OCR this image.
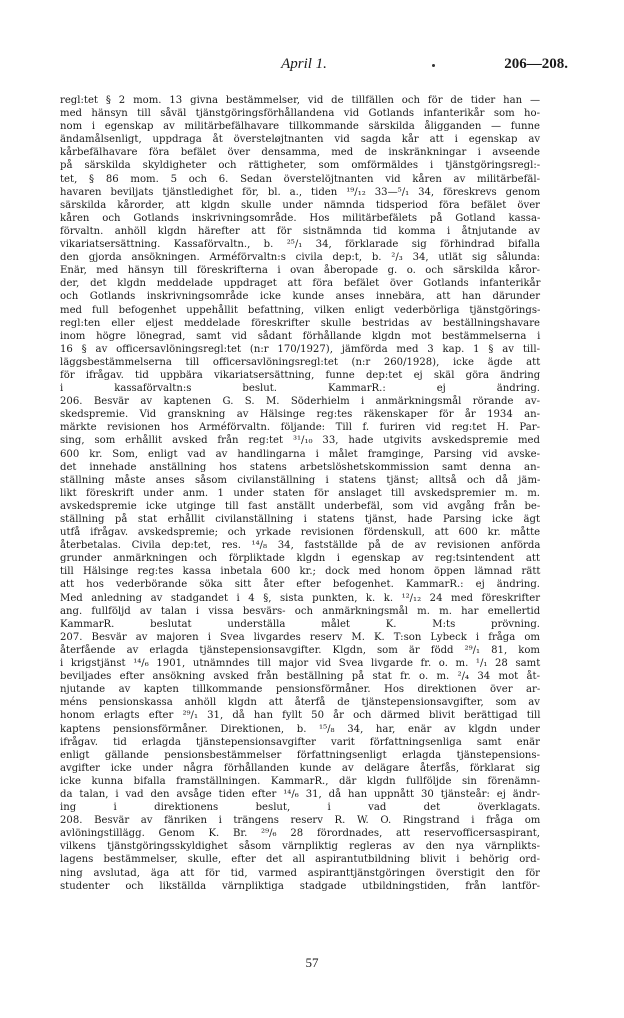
April 1.	206—208.
regl:tet § 2 mom. 13 givna bestämmelser, vid de tillfällen och för de tider han —
med hänsyn till såväl tjänstgöringsförhållandena vid Gotlands infanterikår som ho-
nom i egenskap av militärbefälhavare tillkommande särskilda åligganden — funne
ändamålsenligt, uppdraga åt översteløjtnanten vid sagda kår att i egenskap av
kårbefälhavare föra befälet över densamma, med de inskränkningar i avseende
på särskilda skyldigheter och rättigheter, som omförmäldes i tjänstgöringsregl:-
tet, § 86 mom. 5 och 6. Sedan överstelöjtnanten vid kåren av militärbefäl-
havaren beviljats tjänstledighet för, bl. a., tiden ¹⁹/₁₂ 33—⁵/₁ 34, föreskrevs genom
särskilda kårorder, att klgdn skulle under nämnda tidsperiod föra befälet över
kåren och Gotlands inskrivningsområde. Hos militärbefälets på Gotland kassa-
förvaltn. anhöll klgdn härefter att för sistnämnda tid komma i åtnjutande av
vikariatsersättning. Kassaförvaltn., b. ²⁵/₁ 34, förklarade sig förhindrad bifalla
den gjorda ansökningen. Arméförvaltn:s civila dep:t, b. ²/₃ 34, utlät sig sålunda:
Enär, med hänsyn till föreskrifterna i ovan åberopade g. o. och särskilda kåror-
der, det klgdn meddelade uppdraget att föra befälet över Gotlands infanterikår
och Gotlands inskrivningsområde icke kunde anses innebära, att han därunder
med full befogenhet uppehållit befattning, vilken enligt vederbörliga tjänstgörings-
regl:ten eller eljest meddelade föreskrifter skulle bestridas av beställningshavare
inom högre lönegrad, samt vid sådant förhållande klgdn mot bestämmelserna i
16 § av officersavlöningsregl:tet (n:r 170/1927), jämförda med 3 kap. 1 § av till-
läggsbestämmelserna till officersavlöningsregl:tet (n:r 260/1928), icke ägde att
för ifrågav. tid uppbära vikariatsersättning, funne dep:tet ej skäl göra ändring
i kassaförvaltn:s beslut. KammarR.: ej ändring.
206. Besvär av kaptenen G. S. M. Söderhielm i anmärkningsmål rörande av-
skedspremie. Vid granskning av Hälsinge reg:tes räkenskaper för år 1934 an-
märkte revisionen hos Arméförvaltn. följande: Till f. furiren vid reg:tet H. Par-
sing, som erhållit avsked från reg:tet ³¹/₁₀ 33, hade utgivits avskedspremie med
600 kr. Som, enligt vad av handlingarna i målet framginge, Parsing vid avske-
det innehade anställning hos statens arbetslöshetskommission samt denna an-
ställning måste anses såsom civilanställning i statens tjänst; alltså och då jäm-
likt föreskrift under anm. 1 under staten för anslaget till avskedspremier m. m.
avskedspremie icke utginge till fast anställt underbefäl, som vid avgång från be-
ställning på stat erhållit civilanställning i statens tjänst, hade Parsing icke ägt
utfå ifrågav. avskedspremie; och yrkade revisionen fördenskull, att 600 kr. måtte
återbetalas. Civila dep:tet, res. ¹⁴/₈ 34, fastställde på de av revisionen anförda
grunder anmärkningen och förpliktade klgdn i egenskap av reg:tsintendent att
till Hälsinge reg:tes kassa inbetala 600 kr.; dock med honom öppen lämnad rätt
att hos vederbörande söka sitt åter efter befogenhet. KammarR.: ej ändring.
Med anledning av stadgandet i 4 §, sista punkten, k. k. ¹²/₁₂ 24 med föreskrifter
ang. fullföljd av talan i vissa besvärs- och anmärkningsmål m. m. har emellertid
KammarR. beslutat underställa målet K. M:ts prövning.
207. Besvär av majoren i Svea livgardes reserv M. K. T:son Lybeck i fråga om
återfående av erlagda tjänstepensionsavgifter. Klgdn, som är född ²⁹/₁ 81, kom
i krigstjänst ¹⁴/₆ 1901, utnämndes till major vid Svea livgarde fr. o. m. ¹/₁ 28 samt
beviljades efter ansökning avsked från beställning på stat fr. o. m. ²/₄ 34 mot åt-
njutande av kapten tillkommande pensionsförmåner. Hos direktionen över ar-
méns pensionskassa anhöll klgdn att återfå de tjänstepensionsavgifter, som av
honom erlagts efter ²⁹/₁ 31, då han fyllt 50 år och därmed blivit berättigad till
kaptens pensionsförmåner. Direktionen, b. ¹⁵/₈ 34, har, enär av klgdn under
ifrågav. tid erlagda tjänstepensionsavgifter varit författningsenliga samt enär
enligt gällande pensionsbestämmelser författningsenligt erlagda tjänstepensions-
avgifter icke under några förhållanden kunde av delägare återfås, förklarat sig
icke kunna bifalla framställningen. KammarR., där klgdn fullföljde sin förenämn-
da talan, i vad den avsåge tiden efter ¹⁴/₆ 31, då han uppnått 30 tjänsteår: ej ändr-
ing i direktionens beslut, i vad det överklagats.
208. Besvär av fänriken i trängens reserv R. W. O. Ringstrand i fråga om
avlöningstillägg. Genom K. Br. ²⁹/₆ 28 förordnades, att reservofficersaspirant,
vilkens tjänstgöringsskyldighet såsom värnpliktig regleras av den nya värnplikts-
lagens bestämmelser, skulle, efter det all aspirantutbildning blivit i behörig ord-
ning avslutad, äga att för tid, varmed aspiranttjänstgöringen överstigit den för
studenter och likställda värnpliktiga stadgade utbildningstiden, från lantför-
57
